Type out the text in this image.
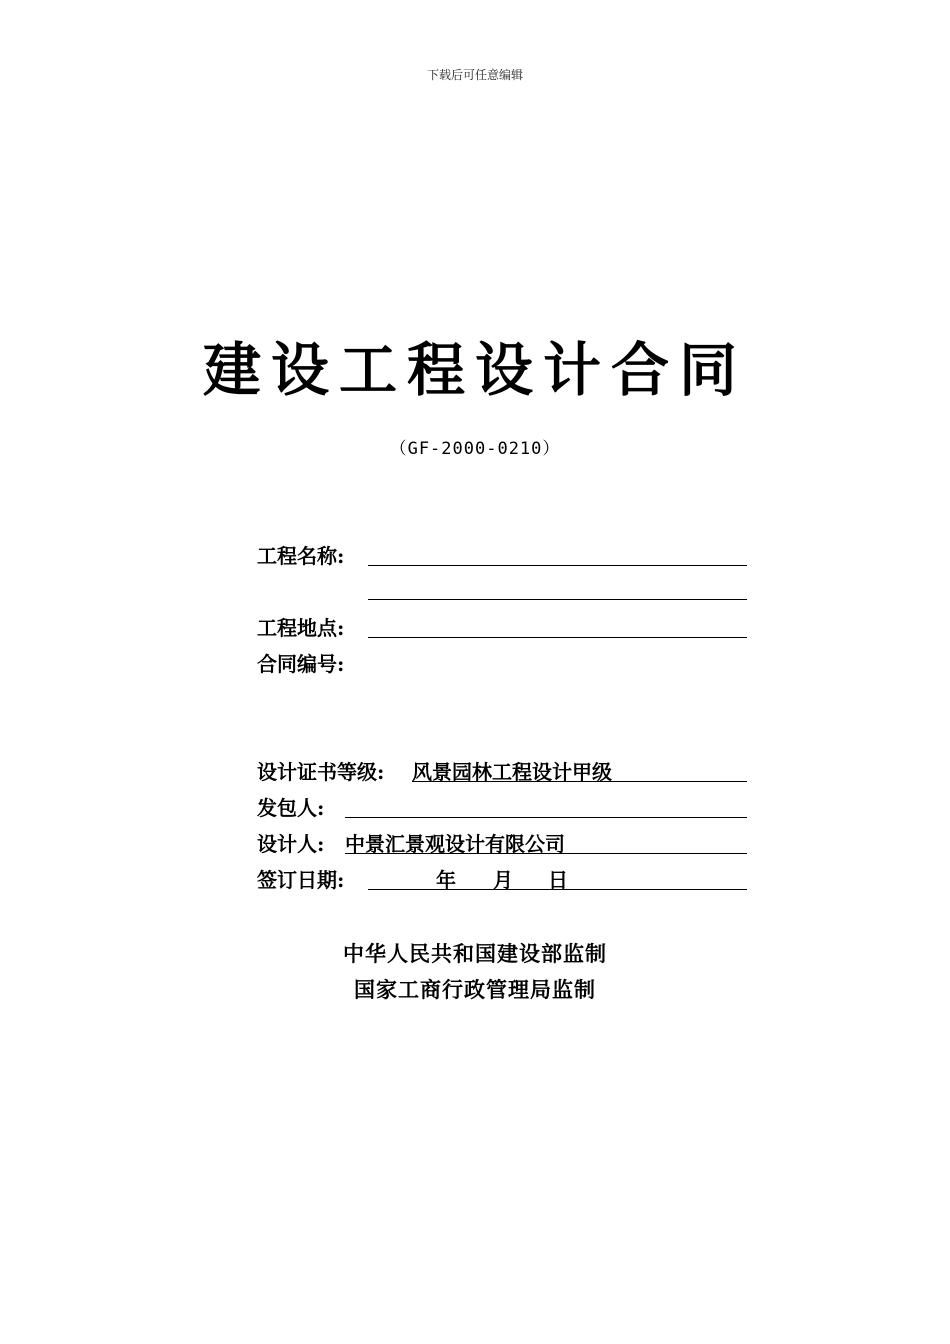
下载后可任意编辑
建设工程设计合同
（GF-2000-0210）
工程名称:
工程地点:
合同编号:
设计证书等级: 风景园林工程设计甲级
发包人:
设计人: 中景汇景观设计有限公司
签订日期:	年 月 日
中华人民共和国建设部监制
国家工商行政管理局监制
